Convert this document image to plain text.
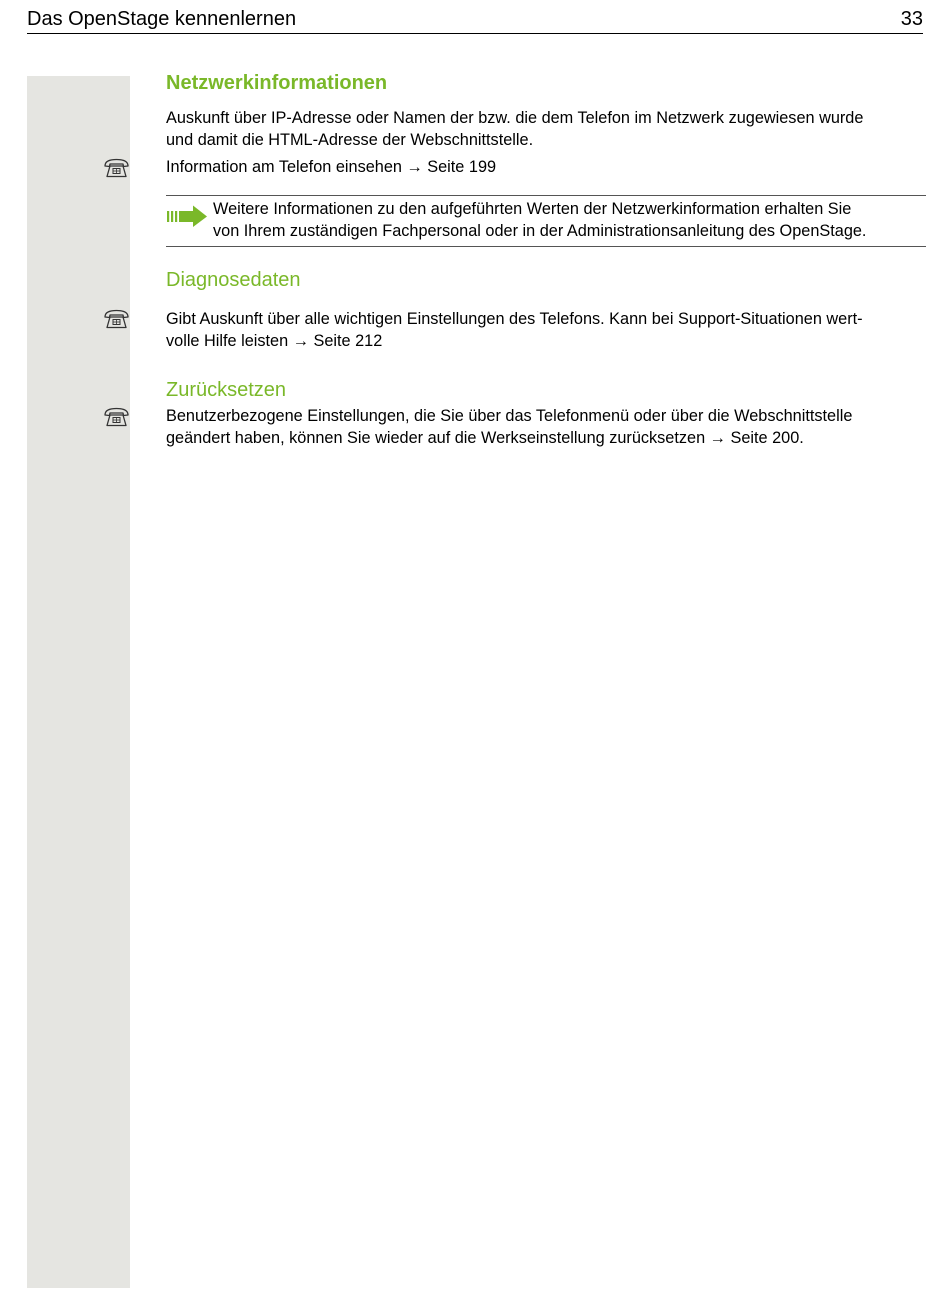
Das OpenStage kennenlernen	33
Netzwerkinformationen

Auskunft über IP-Adresse oder Namen der bzw. die dem Telefon im Netzwerk zugewiesen wurde
und damit die HTML-Adresse der Webschnittstelle.

Information am Telefon einsehen → Seite 199

Weitere Informationen zu den aufgeführten Werten der Netzwerkinformation erhalten Sie
von Ihrem zuständigen Fachpersonal oder in der Administrationsanleitung des OpenStage.
Diagnosedaten

Gibt Auskunft über alle wichtigen Einstellungen des Telefons. Kann bei Support-Situationen wert-
volle Hilfe leisten → Seite 212

Zurücksetzen

Benutzerbezogene Einstellungen, die Sie über das Telefonmenü oder über die Webschnittstelle
geändert haben, können Sie wieder auf die Werkseinstellung zurücksetzen → Seite 200.
